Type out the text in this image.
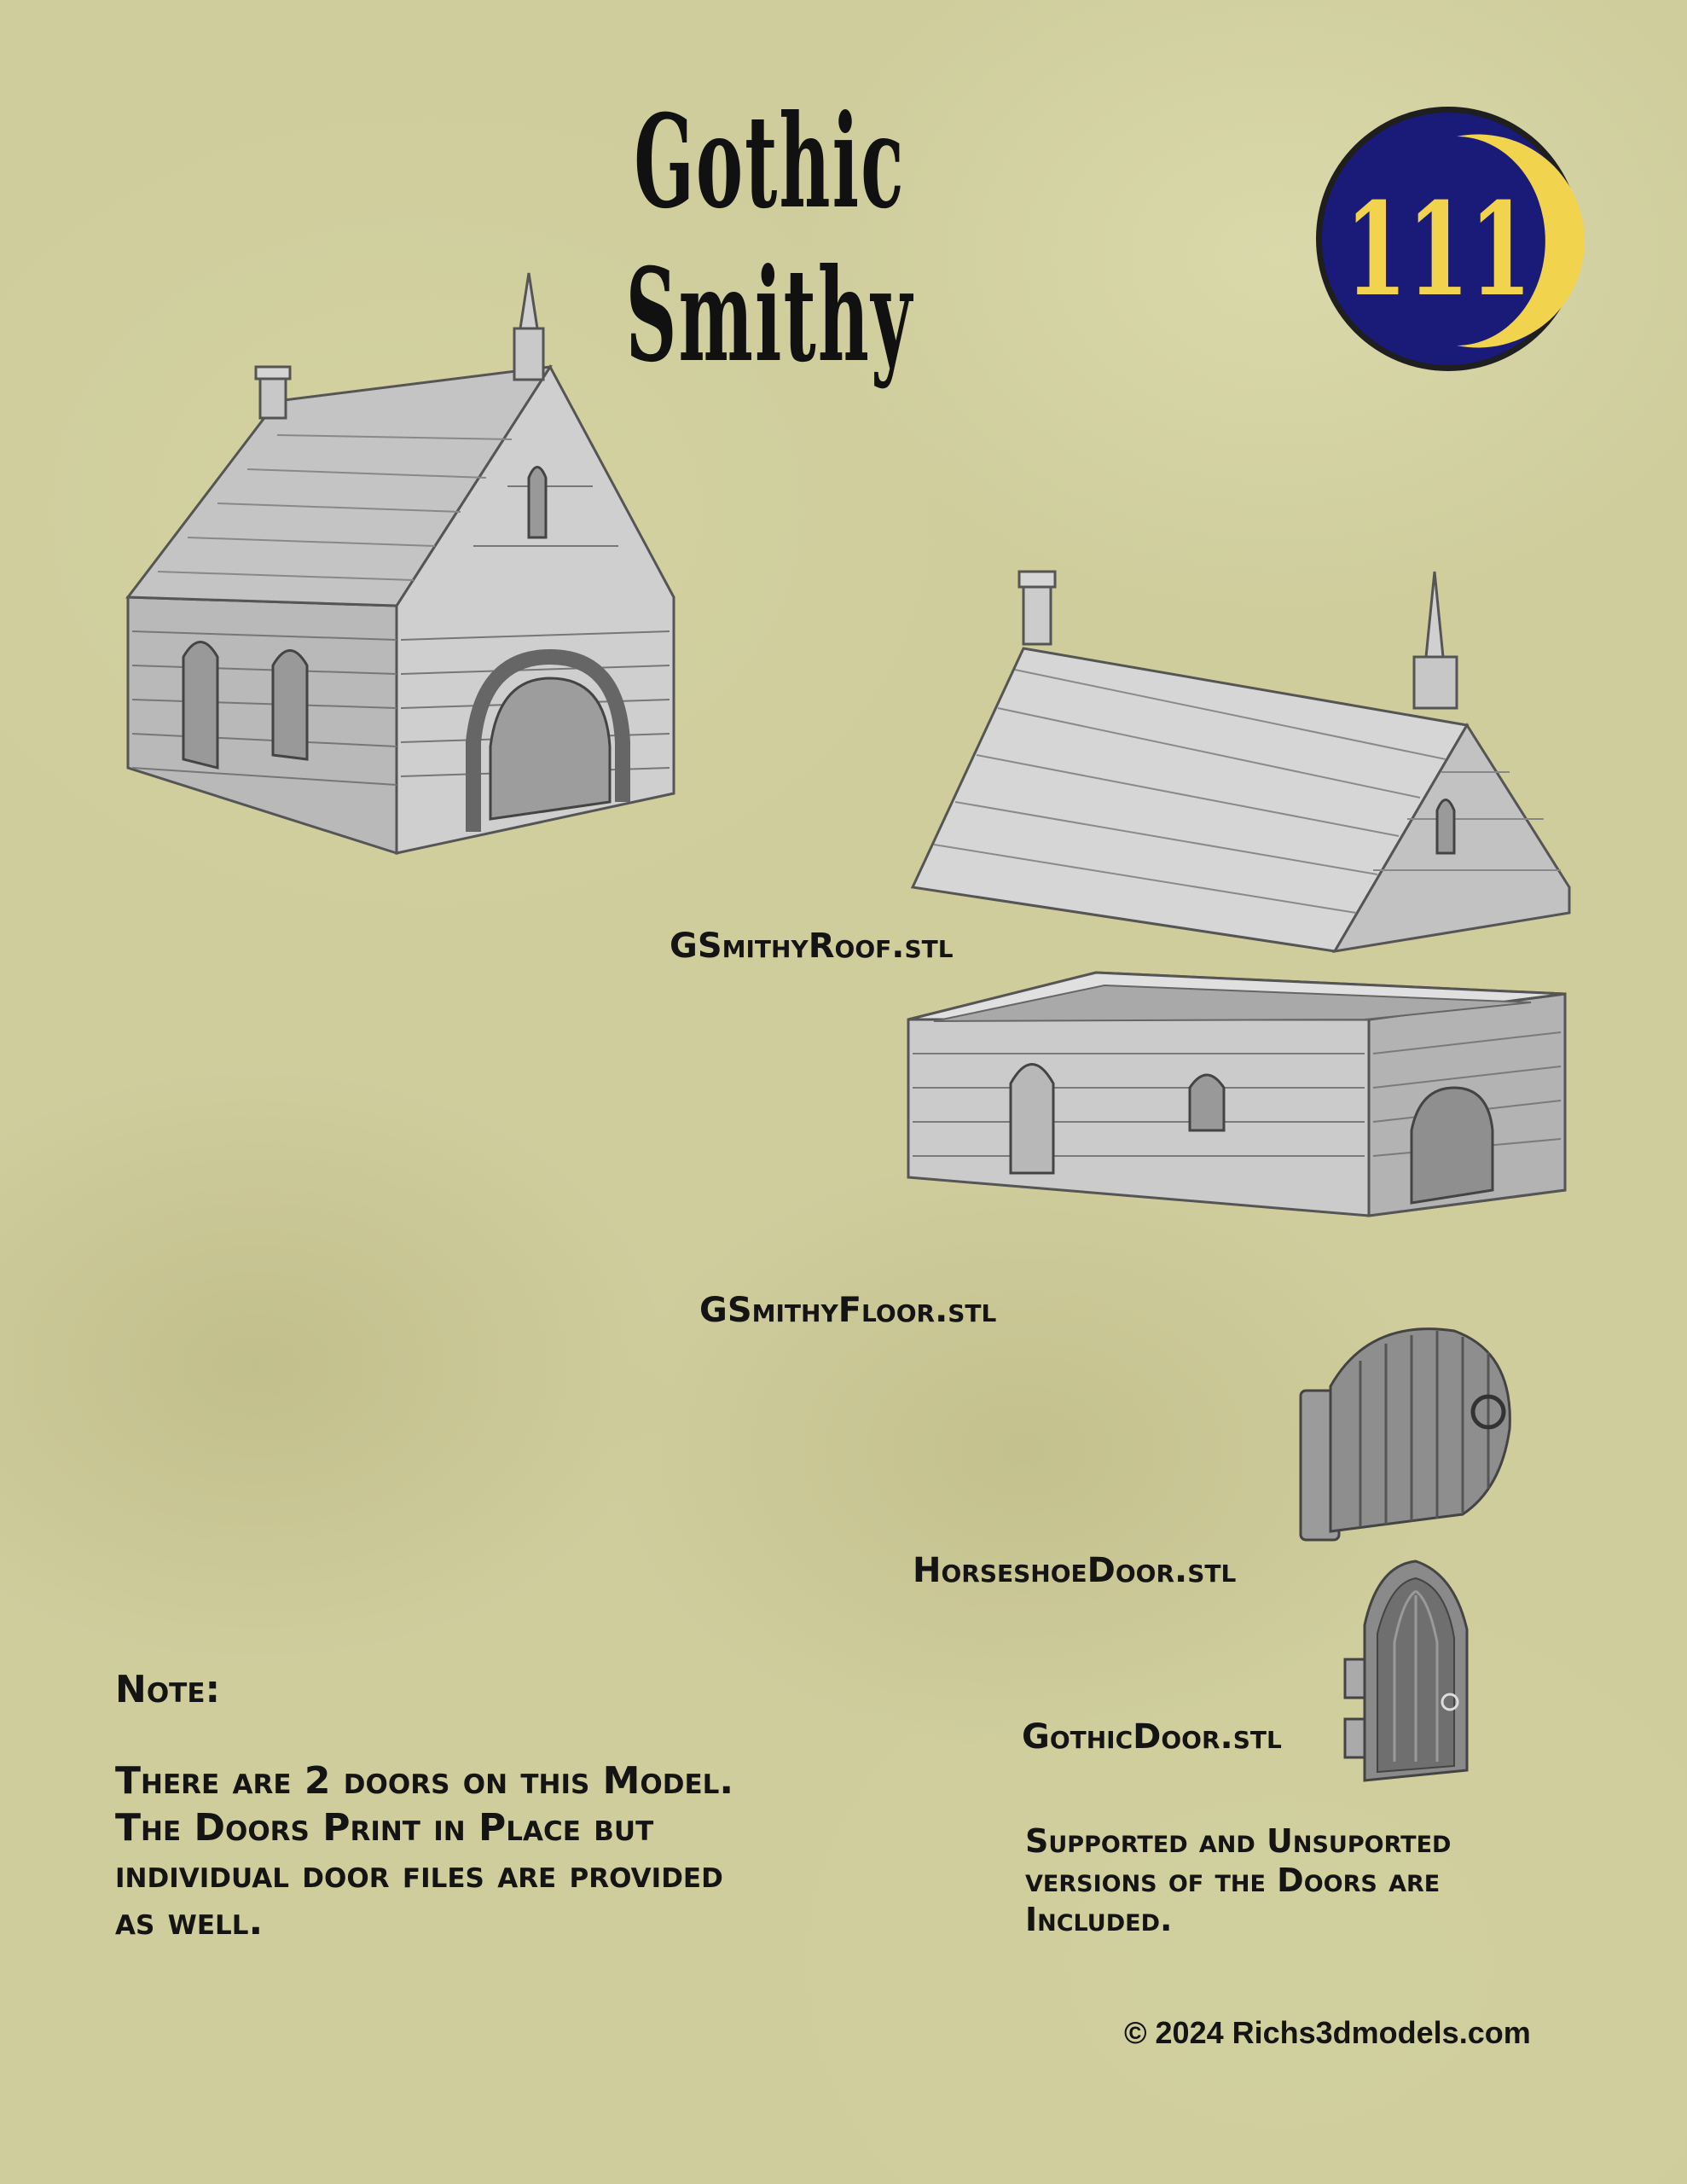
Gothic Smithy	111
GSmithyRoof.stl
GSmithyFloor.stl
HorseshoeDoor.stl
GothicDoor.stl
Note:
There are 2 doors on this Model. The Doors Print in Place but individual door files are provided as well.
Supported and Unsuported versions of the Doors are Included.
© 2024 Richs3dmodels.com
